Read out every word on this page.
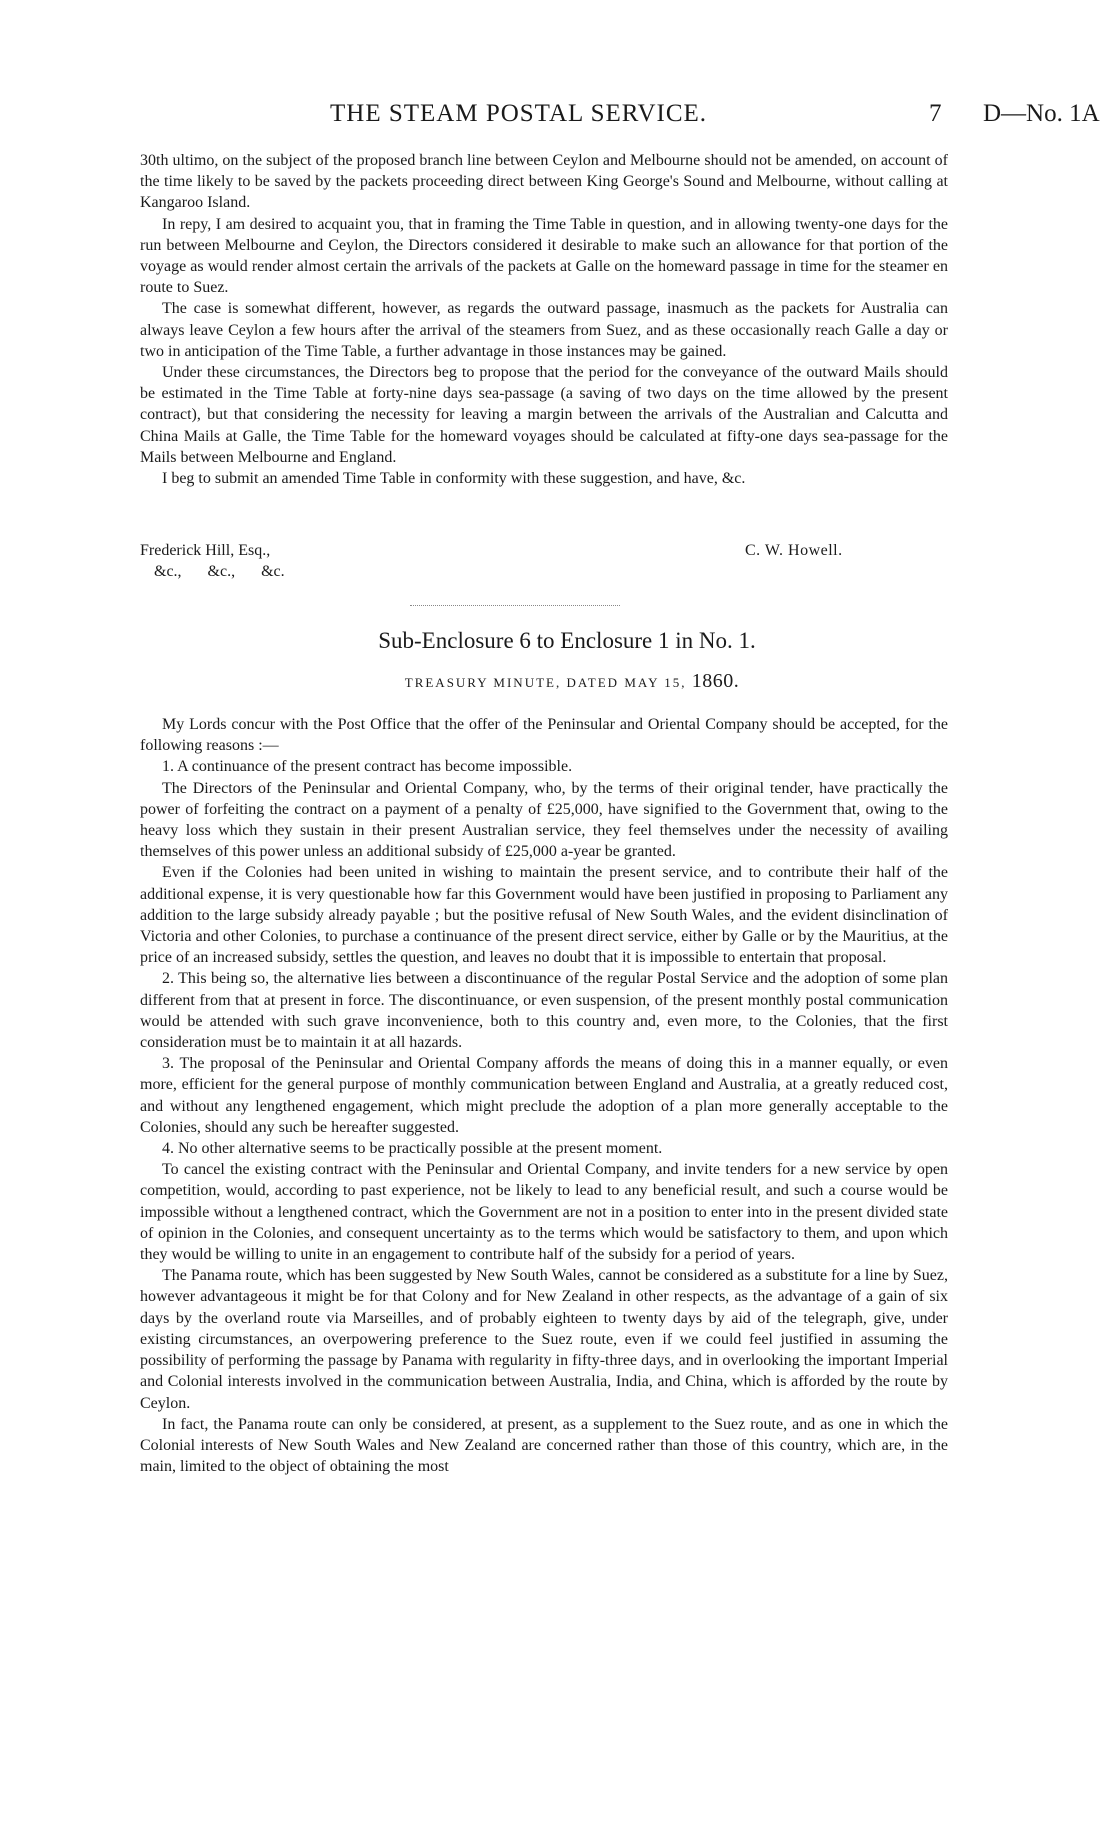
THE STEAM POSTAL SERVICE.	7 D—No. 1A

30th ultimo, on the subject of the proposed branch line between Ceylon and Melbourne should not be amended, on account of the time likely to be saved by the packets proceeding direct between King George's Sound and Melbourne, without calling at Kangaroo Island.

In repy, I am desired to acquaint you, that in framing the Time Table in question, and in allowing twenty-one days for the run between Melbourne and Ceylon, the Directors considered it desirable to make such an allowance for that portion of the voyage as would render almost certain the arrivals of the packets at Galle on the homeward passage in time for the steamer en route to Suez.

The case is somewhat different, however, as regards the outward passage, inasmuch as the packets for Australia can always leave Ceylon a few hours after the arrival of the steamers from Suez, and as these occasionally reach Galle a day or two in anticipation of the Time Table, a further advantage in those instances may be gained.

Under these circumstances, the Directors beg to propose that the period for the conveyance of the outward Mails should be estimated in the Time Table at forty-nine days sea-passage (a saving of two days on the time allowed by the present contract), but that considering the necessity for leaving a margin between the arrivals of the Australian and Calcutta and China Mails at Galle, the Time Table for the homeward voyages should be calculated at fifty-one days sea-passage for the Mails between Melbourne and England.

I beg to submit an amended Time Table in conformity with these suggestion, and have, &c.

Frederick Hill, Esq.,
&c., &c., &c.
C. W. Howell.
Sub-Enclosure 6 to Enclosure 1 in No. 1.
TREASURY MINUTE, DATED MAY 15, 1860.

My Lords concur with the Post Office that the offer of the Peninsular and Oriental Company should be accepted, for the following reasons :—

1. A continuance of the present contract has become impossible.

The Directors of the Peninsular and Oriental Company, who, by the terms of their original tender, have practically the power of forfeiting the contract on a payment of a penalty of £25,000, have signified to the Government that, owing to the heavy loss which they sustain in their present Australian service, they feel themselves under the necessity of availing themselves of this power unless an additional subsidy of £25,000 a-year be granted.

Even if the Colonies had been united in wishing to maintain the present service, and to contribute their half of the additional expense, it is very questionable how far this Government would have been justified in proposing to Parliament any addition to the large subsidy already payable ; but the positive refusal of New South Wales, and the evident disinclination of Victoria and other Colonies, to purchase a continuance of the present direct service, either by Galle or by the Mauritius, at the price of an increased subsidy, settles the question, and leaves no doubt that it is impossible to entertain that proposal.

2. This being so, the alternative lies between a discontinuance of the regular Postal Service and the adoption of some plan different from that at present in force. The discontinuance, or even suspension, of the present monthly postal communication would be attended with such grave inconvenience, both to this country and, even more, to the Colonies, that the first consideration must be to maintain it at all hazards.

3. The proposal of the Peninsular and Oriental Company affords the means of doing this in a manner equally, or even more, efficient for the general purpose of monthly communication between England and Australia, at a greatly reduced cost, and without any lengthened engagement, which might preclude the adoption of a plan more generally acceptable to the Colonies, should any such be hereafter suggested.

4. No other alternative seems to be practically possible at the present moment.

To cancel the existing contract with the Peninsular and Oriental Company, and invite tenders for a new service by open competition, would, according to past experience, not be likely to lead to any beneficial result, and such a course would be impossible without a lengthened contract, which the Government are not in a position to enter into in the present divided state of opinion in the Colonies, and consequent uncertainty as to the terms which would be satisfactory to them, and upon which they would be willing to unite in an engagement to contribute half of the subsidy for a period of years.

The Panama route, which has been suggested by New South Wales, cannot be considered as a substitute for a line by Suez, however advantageous it might be for that Colony and for New Zealand in other respects, as the advantage of a gain of six days by the overland route via Marseilles, and of probably eighteen to twenty days by aid of the telegraph, give, under existing circumstances, an overpowering preference to the Suez route, even if we could feel justified in assuming the possibility of performing the passage by Panama with regularity in fifty-three days, and in overlooking the important Imperial and Colonial interests involved in the communication between Australia, India, and China, which is afforded by the route by Ceylon.

In fact, the Panama route can only be considered, at present, as a supplement to the Suez route, and as one in which the Colonial interests of New South Wales and New Zealand are concerned rather than those of this country, which are, in the main, limited to the object of obtaining the most
